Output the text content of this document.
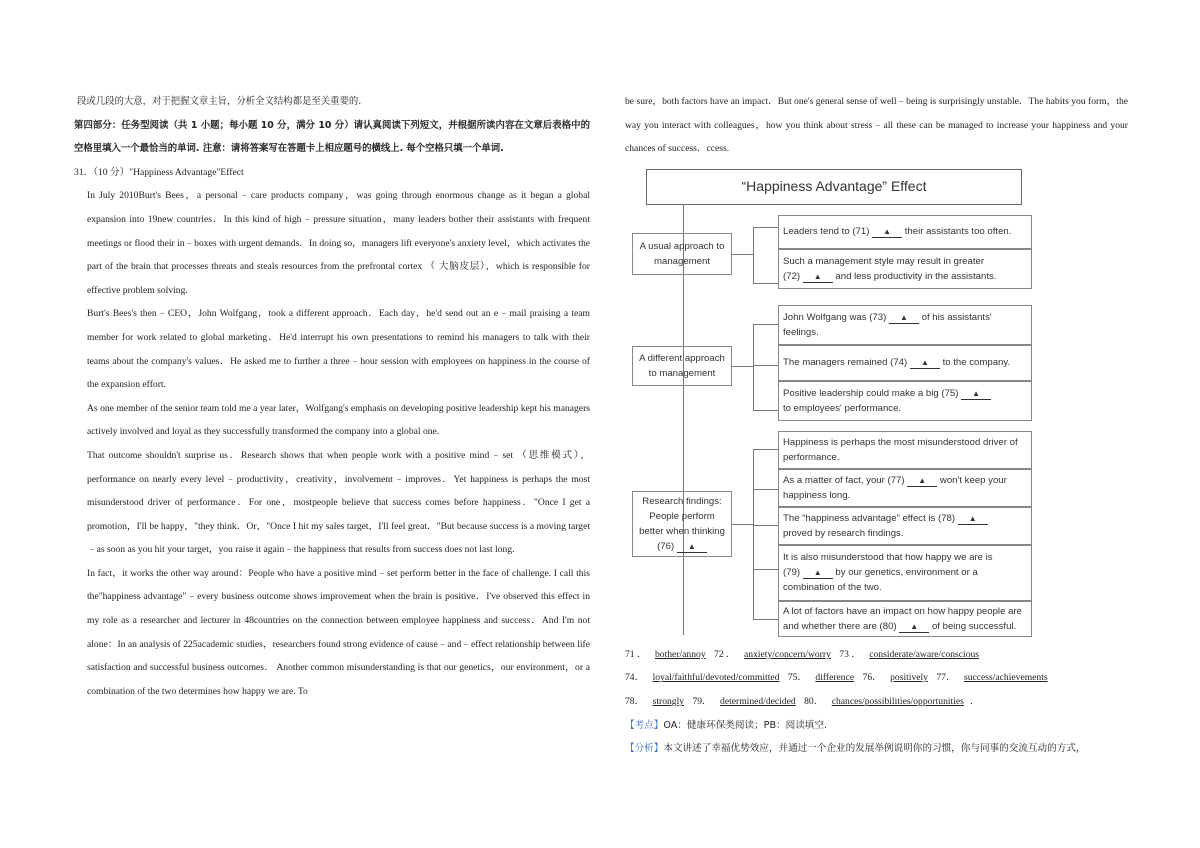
段或几段的大意，对于把握文章主旨，分析全文结构都是至关重要的.

第四部分：任务型阅读（共 1 小题；每小题 10 分，满分 10 分）请认真阅读下列短文，并根据所读内容在文章后表格中的空格里填入一个最恰当的单词. 注意：请将答案写在答题卡上相应题号的横线上. 每个空格只填一个单词.

31．（10 分）"Happiness Advantage"Effect

In July 2010Burt's Bees，a personal﹣care products company，was going through enormous change as it began a global expansion into 19new countries．In this kind of high﹣pressure situation，many leaders bother their assistants with frequent meetings or flood their in﹣boxes with urgent demands．In doing so，managers lift everyone's anxiety level，which activates the part of the brain that processes threats and steals resources from the prefrontal cortex （ 大脑皮层），which is responsible for effective problem solving.

Burt's Bees's then﹣CEO，John Wolfgang，took a different approach．Each day，he'd send out an e﹣mail praising a team member for work related to global marketing．He'd interrupt his own presentations to remind his managers to talk with their teams about the company's values．He asked me to further a three﹣hour session with employees on happiness in the course of the expansion effort.

As one member of the senior team told me a year later，Wolfgang's emphasis on developing positive leadership kept his managers actively involved and loyal as they successfully transformed the company into a global one.

That outcome shouldn't surprise us．Research shows that when people work with a positive mind﹣set （思维模式），performance on nearly every level﹣productivity，creativity，involvement﹣improves．Yet happiness is perhaps the most misunderstood driver of performance．For one，mostpeople believe that success comes before happiness．"Once I get a promotion，I'll be happy，"they think．Or，"Once I hit my sales target，I'll feel great．"But because success is a moving target﹣as soon as you hit your target，you raise it again﹣the happiness that results from success does not last long.

In fact，it works the other way around：People who have a positive mind﹣set perform better in the face of challenge. I call this the"happiness advantage"﹣every business outcome shows improvement when the brain is positive．I've observed this effect in my role as a researcher and lecturer in 48countries on the connection between employee happiness and success．And I'm not alone：In an analysis of 225academic studies，researchers found strong evidence of cause﹣and﹣effect relationship between life satisfaction and successful business outcomes． Another common misunderstanding is that our genetics，our environment，or a combination of the two determines how happy we are. To

be sure，both factors have an impact．But one's general sense of well﹣being is surprisingly unstable．The habits you form，the way you interact with colleagues，how you think about stress﹣all these can be managed to increase your happiness and your chances of success．ccess.

“Happiness Advantage” Effect
A usual approach to management
Leaders tend to (71) ▲ their assistants too often.
Such a management style may result in greater
(72) ▲ and less productivity in the assistants.
A different approach to management
John Wolfgang was (73) ▲ of his assistants' feelings.
The managers remained (74) ▲ to the company.
Positive leadership could make a big (75) ▲
to employees' performance.
Research findings: People perform better when thinking (76) ▲
Happiness is perhaps the most misunderstood driver of performance.
As a matter of fact, your (77) ▲ won't keep your happiness long.
The “happiness advantage” effect is (78) ▲
proved by research findings.
It is also misunderstood that how happy we are is
(79) ▲ by our genetics, environment or a combination of the two.
A lot of factors have an impact on how happy people are and whether there are (80) ▲ of being successful.

71 ． bother/annoy 72 ． anxiety/concern/worry 73 ． considerate/aware/conscious

74． loyal/faithful/devoted/committed 75． difference 76． positively 77． success/achievements

78． strongly 79． determined/decided 80． chances/possibilities/opportunities ．

【考点】OA：健康环保类阅读；PB：阅读填空.

【分析】本文讲述了幸福优势效应，并通过一个企业的发展举例说明你的习惯，你与同事的交流互动的方式，
